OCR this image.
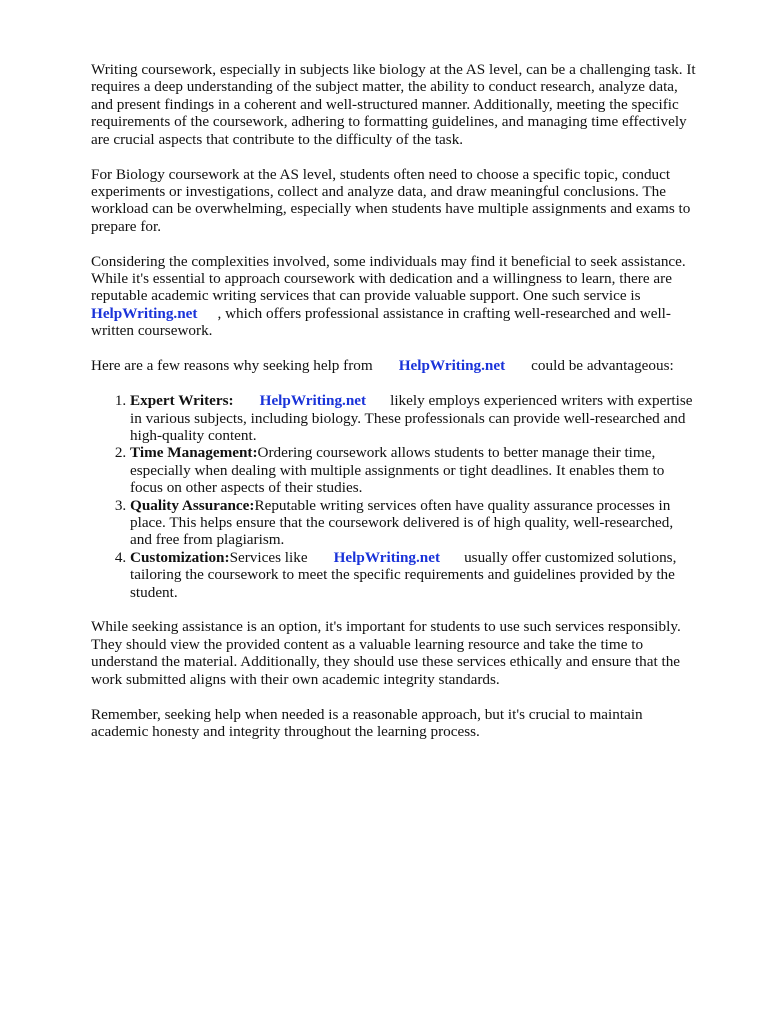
Writing coursework, especially in subjects like biology at the AS level, can be a challenging task. It requires a deep understanding of the subject matter, the ability to conduct research, analyze data, and present findings in a coherent and well-structured manner. Additionally, meeting the specific requirements of the coursework, adhering to formatting guidelines, and managing time effectively are crucial aspects that contribute to the difficulty of the task.

For Biology coursework at the AS level, students often need to choose a specific topic, conduct experiments or investigations, collect and analyze data, and draw meaningful conclusions. The workload can be overwhelming, especially when students have multiple assignments and exams to prepare for.

Considering the complexities involved, some individuals may find it beneficial to seek assistance. While it's essential to approach coursework with dedication and a willingness to learn, there are reputable academic writing services that can provide valuable support. One such service is HelpWriting.net , which offers professional assistance in crafting well-researched and well-written coursework.

Here are a few reasons why seeking help from HelpWriting.net could be advantageous:

1. Expert Writers: HelpWriting.net likely employs experienced writers with expertise in various subjects, including biology. These professionals can provide well-researched and high-quality content.
2. Time Management:Ordering coursework allows students to better manage their time, especially when dealing with multiple assignments or tight deadlines. It enables them to focus on other aspects of their studies.
3. Quality Assurance:Reputable writing services often have quality assurance processes in place. This helps ensure that the coursework delivered is of high quality, well-researched, and free from plagiarism.
4. Customization:Services like HelpWriting.net usually offer customized solutions, tailoring the coursework to meet the specific requirements and guidelines provided by the student.

While seeking assistance is an option, it's important for students to use such services responsibly. They should view the provided content as a valuable learning resource and take the time to understand the material. Additionally, they should use these services ethically and ensure that the work submitted aligns with their own academic integrity standards.

Remember, seeking help when needed is a reasonable approach, but it's crucial to maintain academic honesty and integrity throughout the learning process.
